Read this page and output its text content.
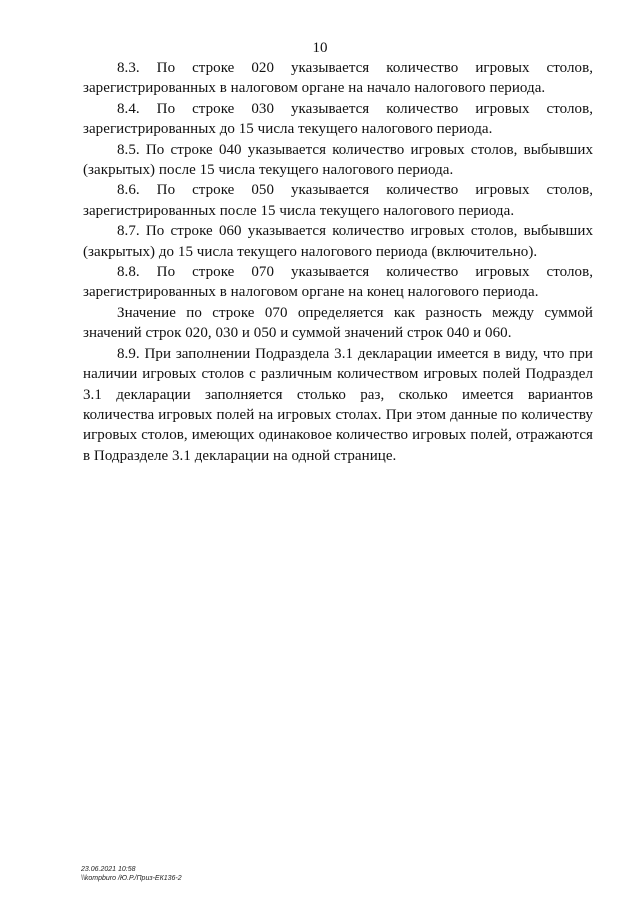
10

8.3. По строке 020 указывается количество игровых столов, зарегистрированных в налоговом органе на начало налогового периода.

8.4. По строке 030 указывается количество игровых столов, зарегистрированных до 15 числа текущего налогового периода.

8.5. По строке 040 указывается количество игровых столов, выбывших (закрытых) после 15 числа текущего налогового периода.

8.6. По строке 050 указывается количество игровых столов, зарегистрированных после 15 числа текущего налогового периода.

8.7. По строке 060 указывается количество игровых столов, выбывших (закрытых) до 15 числа текущего налогового периода (включительно).

8.8. По строке 070 указывается количество игровых столов, зарегистрированных в налоговом органе на конец налогового периода.

Значение по строке 070 определяется как разность между суммой значений строк 020, 030 и 050 и суммой значений строк 040 и 060.

8.9. При заполнении Подраздела 3.1 декларации имеется в виду, что при наличии игровых столов с различным количеством игровых полей Подраздел 3.1 декларации заполняется столько раз, сколько имеется вариантов количества игровых полей на игровых столах. При этом данные по количеству игровых столов, имеющих одинаковое количество игровых полей, отражаются в Подразделе 3.1 декларации на одной странице.

23.06.2021 10:58
\\kompburo /Ю.Р./Приз-ЕК136-2
